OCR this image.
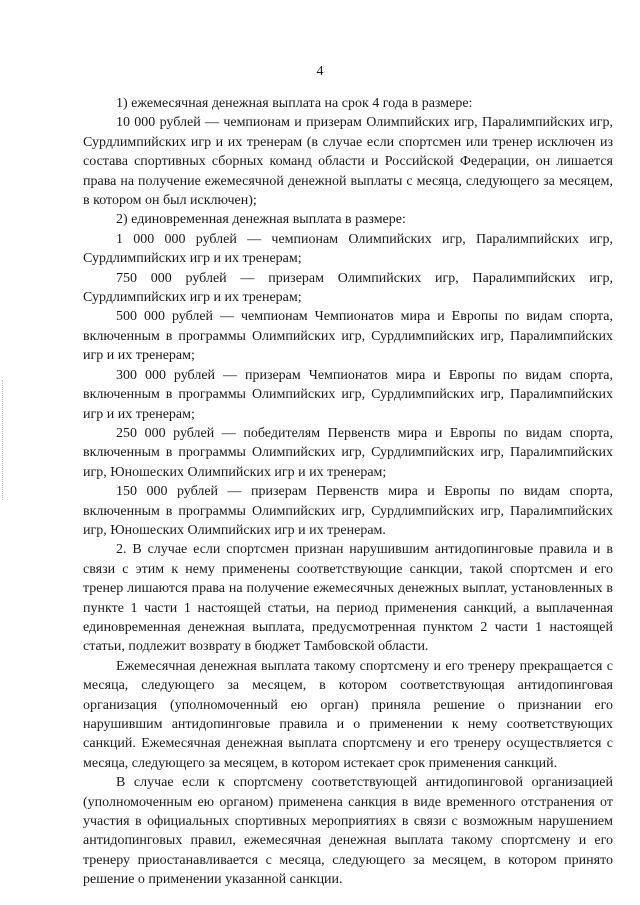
4

1) ежемесячная денежная выплата на срок 4 года в размере:

10 000 рублей — чемпионам и призерам Олимпийских игр, Паралимпийских игр, Сурдлимпийских игр и их тренерам (в случае если спортсмен или тренер исключен из состава спортивных сборных команд области и Российской Федерации, он лишается права на получение ежемесячной денежной выплаты с месяца, следующего за месяцем, в котором он был исключен);

2) единовременная денежная выплата в размере:

1 000 000 рублей — чемпионам Олимпийских игр, Паралимпийских игр, Сурдлимпийских игр и их тренерам;

750 000 рублей — призерам Олимпийских игр, Паралимпийских игр, Сурдлимпийских игр и их тренерам;

500 000 рублей — чемпионам Чемпионатов мира и Европы по видам спорта, включенным в программы Олимпийских игр, Сурдлимпийских игр, Паралимпийских игр и их тренерам;

300 000 рублей — призерам Чемпионатов мира и Европы по видам спорта, включенным в программы Олимпийских игр, Сурдлимпийских игр, Паралимпийских игр и их тренерам;

250 000 рублей — победителям Первенств мира и Европы по видам спорта, включенным в программы Олимпийских игр, Сурдлимпийских игр, Паралимпийских игр, Юношеских Олимпийских игр и их тренерам;

150 000 рублей — призерам Первенств мира и Европы по видам спорта, включенным в программы Олимпийских игр, Сурдлимпийских игр, Паралимпийских игр, Юношеских Олимпийских игр и их тренерам.

2. В случае если спортсмен признан нарушившим антидопинговые правила и в связи с этим к нему применены соответствующие санкции, такой спортсмен и его тренер лишаются права на получение ежемесячных денежных выплат, установленных в пункте 1 части 1 настоящей статьи, на период применения санкций, а выплаченная единовременная денежная выплата, предусмотренная пунктом 2 части 1 настоящей статьи, подлежит возврату в бюджет Тамбовской области.

Ежемесячная денежная выплата такому спортсмену и его тренеру прекращается с месяца, следующего за месяцем, в котором соответствующая антидопинговая организация (уполномоченный ею орган) приняла решение о признании его нарушившим антидопинговые правила и о применении к нему соответствующих санкций. Ежемесячная денежная выплата спортсмену и его тренеру осуществляется с месяца, следующего за месяцем, в котором истекает срок применения санкций.

В случае если к спортсмену соответствующей антидопинговой организацией (уполномоченным ею органом) применена санкция в виде временного отстранения от участия в официальных спортивных мероприятиях в связи с возможным нарушением антидопинговых правил, ежемесячная денежная выплата такому спортсмену и его тренеру приостанавливается с месяца, следующего за месяцем, в котором принято решение о применении указанной санкции.
